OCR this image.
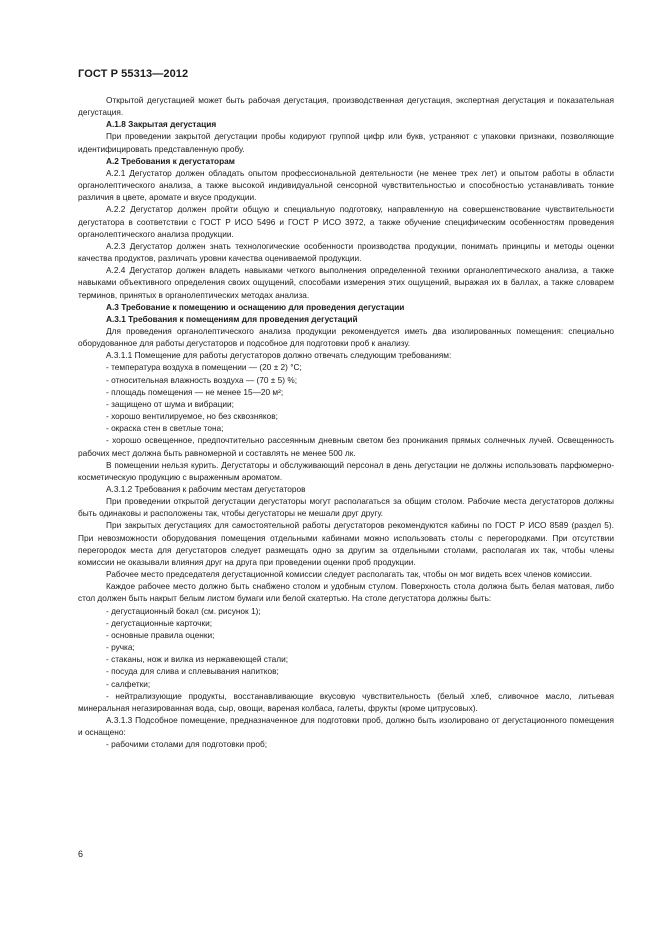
ГОСТ Р 55313—2012

Открытой дегустацией может быть рабочая дегустация, производственная дегустация, экспертная дегустация и показательная дегустация.

A.1.8 Закрытая дегустация

При проведении закрытой дегустации пробы кодируют группой цифр или букв, устраняют с упаковки признаки, позволяющие идентифицировать представленную пробу.

A.2 Требования к дегустаторам

A.2.1 Дегустатор должен обладать опытом профессиональной деятельности (не менее трех лет) и опытом работы в области органолептического анализа, а также высокой индивидуальной сенсорной чувствительностью и способностью устанавливать тонкие различия в цвете, аромате и вкусе продукции.

A.2.2 Дегустатор должен пройти общую и специальную подготовку, направленную на совершенствование чувствительности дегустатора в соответствии с ГОСТ Р ИСО 5496 и ГОСТ Р ИСО 3972, а также обучение специфическим особенностям проведения органолептического анализа продукции.

A.2.3 Дегустатор должен знать технологические особенности производства продукции, понимать принципы и методы оценки качества продуктов, различать уровни качества оцениваемой продукции.

A.2.4 Дегустатор должен владеть навыками четкого выполнения определенной техники органолептического анализа, а также навыками объективного определения своих ощущений, способами измерения этих ощущений, выражая их в баллах, а также словарем терминов, принятых в органолептических методах анализа.

A.3 Требование к помещению и оснащению для проведения дегустации

A.3.1 Требования к помещениям для проведения дегустаций

Для проведения органолептического анализа продукции рекомендуется иметь два изолированных помещения: специально оборудованное для работы дегустаторов и подсобное для подготовки проб к анализу.

A.3.1.1 Помещение для работы дегустаторов должно отвечать следующим требованиям:

- температура воздуха в помещении — (20 ± 2) °С;

- относительная влажность воздуха — (70 ± 5) %;

- площадь помещения — не менее 15—20 м²;

- защищено от шума и вибрации;

- хорошо вентилируемое, но без сквозняков;

- окраска стен в светлые тона;

- хорошо освещенное, предпочтительно рассеянным дневным светом без проникания прямых солнечных лучей. Освещенность рабочих мест должна быть равномерной и составлять не менее 500 лк.

В помещении нельзя курить. Дегустаторы и обслуживающий персонал в день дегустации не должны использовать парфюмерно-косметическую продукцию с выраженным ароматом.

A.3.1.2 Требования к рабочим местам дегустаторов

При проведении открытой дегустации дегустаторы могут располагаться за общим столом. Рабочие места дегустаторов должны быть одинаковы и расположены так, чтобы дегустаторы не мешали друг другу.

При закрытых дегустациях для самостоятельной работы дегустаторов рекомендуются кабины по ГОСТ Р ИСО 8589 (раздел 5). При невозможности оборудования помещения отдельными кабинами можно использовать столы с перегородками. При отсутствии перегородок места для дегустаторов следует размещать одно за другим за отдельными столами, располагая их так, чтобы члены комиссии не оказывали влияния друг на друга при проведении оценки проб продукции.

Рабочее место председателя дегустационной комиссии следует располагать так, чтобы он мог видеть всех членов комиссии.

Каждое рабочее место должно быть снабжено столом и удобным стулом. Поверхность стола должна быть белая матовая, либо стол должен быть накрыт белым листом бумаги или белой скатертью. На столе дегустатора должны быть:

- дегустационный бокал (см. рисунок 1);

- дегустационные карточки;

- основные правила оценки;

- ручка;

- стаканы, нож и вилка из нержавеющей стали;

- посуда для слива и сплевывания напитков;

- салфетки;

- нейтрализующие продукты, восстанавливающие вкусовую чувствительность (белый хлеб, сливочное масло, литьевая минеральная негазированная вода, сыр, овощи, вареная колбаса, галеты, фрукты (кроме цитрусовых).

A.3.1.3 Подсобное помещение, предназначенное для подготовки проб, должно быть изолировано от дегустационного помещения и оснащено:

- рабочими столами для подготовки проб;

6
